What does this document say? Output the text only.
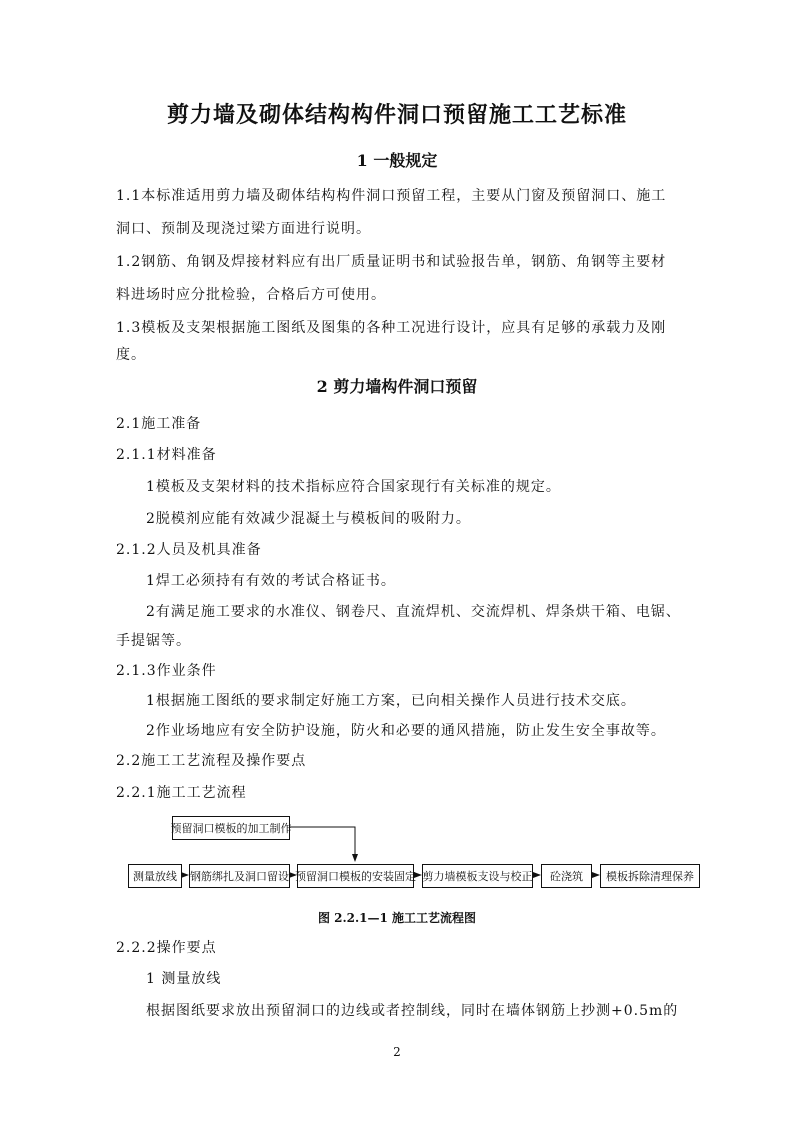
剪力墙及砌体结构构件洞口预留施工工艺标准
1 一般规定
1.1本标准适用剪力墙及砌体结构构件洞口预留工程，主要从门窗及预留洞口、施工
洞口、预制及现浇过梁方面进行说明。
1.2钢筋、角钢及焊接材料应有出厂质量证明书和试验报告单，钢筋、角钢等主要材
料进场时应分批检验，合格后方可使用。
1.3模板及支架根据施工图纸及图集的各种工况进行设计，应具有足够的承载力及刚
度。
2 剪力墙构件洞口预留
2.1施工准备
2.1.1材料准备
1模板及支架材料的技术指标应符合国家现行有关标准的规定。
2脱模剂应能有效减少混凝土与模板间的吸附力。
2.1.2人员及机具准备
1焊工必须持有有效的考试合格证书。
2有满足施工要求的水准仪、钢卷尺、直流焊机、交流焊机、焊条烘干箱、电锯、
手提锯等。
2.1.3作业条件
1根据施工图纸的要求制定好施工方案，已向相关操作人员进行技术交底。
2作业场地应有安全防护设施，防火和必要的通风措施，防止发生安全事故等。
2.2施工工艺流程及操作要点
2.2.1施工工艺流程
预留洞口模板的加工制作
测量放线	钢筋绑扎及洞口留设 预留洞口模板的安装固定 剪力墙模板支设与校正	砼浇筑	模板拆除清理保养
图 2.2.1—1 施工工艺流程图
2.2.2操作要点
1 测量放线
根据图纸要求放出预留洞口的边线或者控制线，同时在墙体钢筋上抄测+0.5m的
2
